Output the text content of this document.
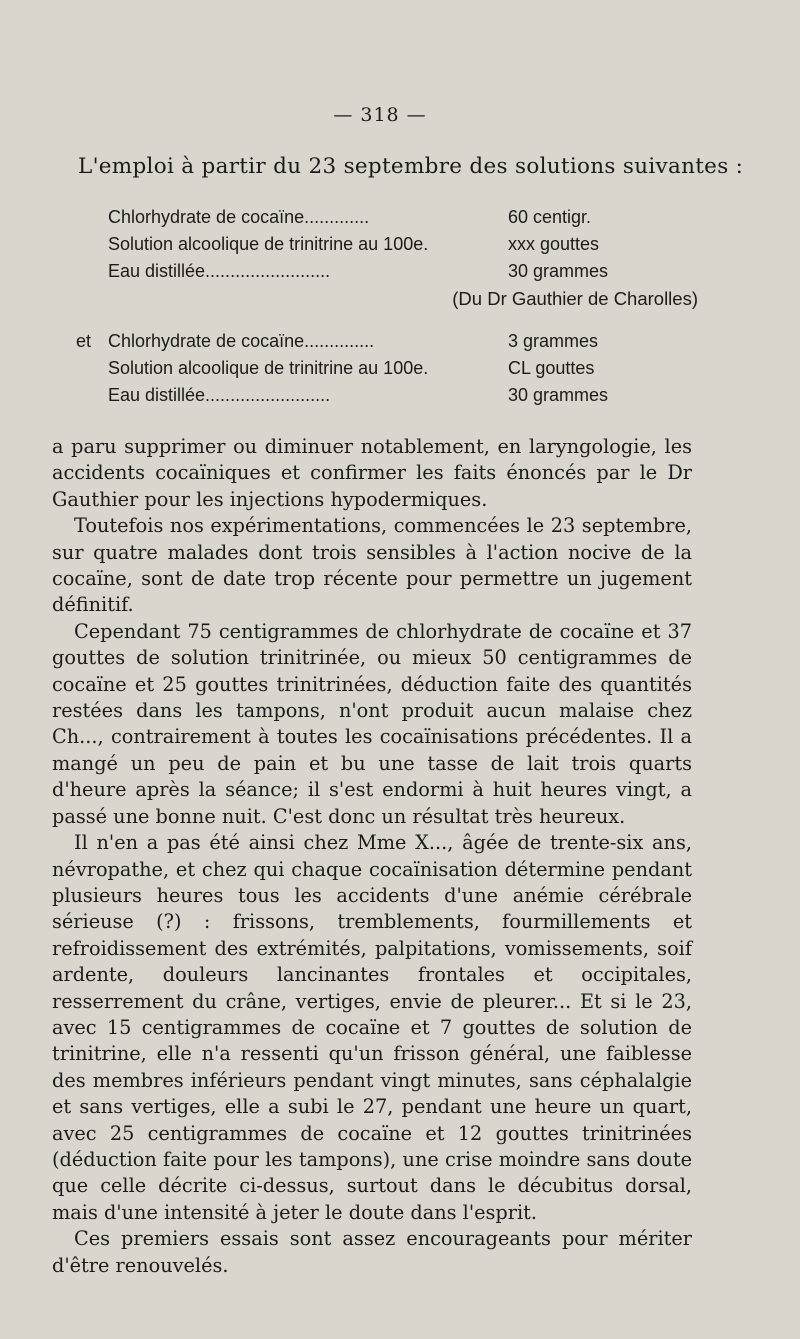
— 318 —
L'emploi à partir du 23 septembre des solutions suivantes :
Chlorhydrate de cocaïne.............	60 centigr.
Solution alcoolique de trinitrine au 100e.	xxx gouttes
Eau distillée.........................	30 grammes
(Du Dr Gauthier de Charolles)
et Chlorhydrate de cocaïne..............	3 grammes
Solution alcoolique de trinitrine au 100e.	CL gouttes
Eau distillée.........................	30 grammes

a paru supprimer ou diminuer notablement, en laryngologie, les accidents cocaïniques et confirmer les faits énoncés par le Dr Gauthier pour les injections hypodermiques.

Toutefois nos expérimentations, commencées le 23 septembre, sur quatre malades dont trois sensibles à l'action nocive de la cocaïne, sont de date trop récente pour permettre un jugement définitif.

Cependant 75 centigrammes de chlorhydrate de cocaïne et 37 gouttes de solution trinitrinée, ou mieux 50 centigrammes de cocaïne et 25 gouttes trinitrinées, déduction faite des quantités restées dans les tampons, n'ont produit aucun malaise chez Ch..., contrairement à toutes les cocaïnisations précédentes. Il a mangé un peu de pain et bu une tasse de lait trois quarts d'heure après la séance; il s'est endormi à huit heures vingt, a passé une bonne nuit. C'est donc un résultat très heureux.

Il n'en a pas été ainsi chez Mme X..., âgée de trente-six ans, névropathe, et chez qui chaque cocaïnisation détermine pendant plusieurs heures tous les accidents d'une anémie cérébrale sérieuse (?) : frissons, tremblements, fourmillements et refroidissement des extrémités, palpitations, vomissements, soif ardente, douleurs lancinantes frontales et occipitales, resserrement du crâne, vertiges, envie de pleurer... Et si le 23, avec 15 centigrammes de cocaïne et 7 gouttes de solution de trinitrine, elle n'a ressenti qu'un frisson général, une faiblesse des membres inférieurs pendant vingt minutes, sans céphalalgie et sans vertiges, elle a subi le 27, pendant une heure un quart, avec 25 centigrammes de cocaïne et 12 gouttes trinitrinées (déduction faite pour les tampons), une crise moindre sans doute que celle décrite ci-dessus, surtout dans le décubitus dorsal, mais d'une intensité à jeter le doute dans l'esprit.

Ces premiers essais sont assez encourageants pour mériter d'être renouvelés.
